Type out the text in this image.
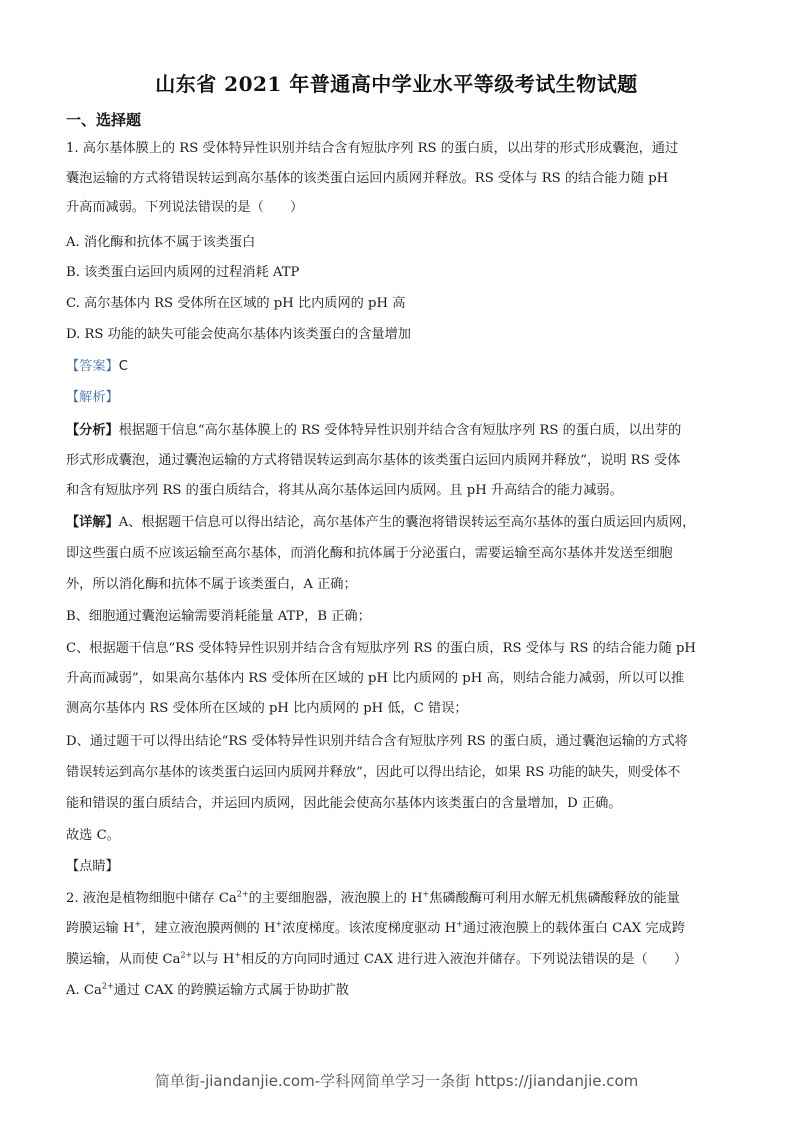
山东省 2021 年普通高中学业水平等级考试生物试题
一、选择题
1. 高尔基体膜上的 RS 受体特异性识别并结合含有短肽序列 RS 的蛋白质，以出芽的形式形成囊泡，通过
囊泡运输的方式将错误转运到高尔基体的该类蛋白运回内质网并释放。RS 受体与 RS 的结合能力随 pH
升高而减弱。下列说法错误的是（　　）
A. 消化酶和抗体不属于该类蛋白
B. 该类蛋白运回内质网的过程消耗 ATP
C. 高尔基体内 RS 受体所在区域的 pH 比内质网的 pH 高
D. RS 功能的缺失可能会使高尔基体内该类蛋白的含量增加
【答案】C
【解析】
【分析】根据题干信息“高尔基体膜上的 RS 受体特异性识别并结合含有短肽序列 RS 的蛋白质，以出芽的
形式形成囊泡，通过囊泡运输的方式将错误转运到高尔基体的该类蛋白运回内质网并释放”，说明 RS 受体
和含有短肽序列 RS 的蛋白质结合，将其从高尔基体运回内质网。且 pH 升高结合的能力减弱。
【详解】A、根据题干信息可以得出结论，高尔基体产生的囊泡将错误转运至高尔基体的蛋白质运回内质网，
即这些蛋白质不应该运输至高尔基体，而消化酶和抗体属于分泌蛋白，需要运输至高尔基体并发送至细胞
外，所以消化酶和抗体不属于该类蛋白，A 正确；
B、细胞通过囊泡运输需要消耗能量 ATP，B 正确；
C、根据题干信息“RS 受体特异性识别并结合含有短肽序列 RS 的蛋白质，RS 受体与 RS 的结合能力随 pH
升高而减弱”，如果高尔基体内 RS 受体所在区域的 pH 比内质网的 pH 高，则结合能力减弱，所以可以推
测高尔基体内 RS 受体所在区域的 pH 比内质网的 pH 低，C 错误；
D、通过题干可以得出结论“RS 受体特异性识别并结合含有短肽序列 RS 的蛋白质，通过囊泡运输的方式将
错误转运到高尔基体的该类蛋白运回内质网并释放”，因此可以得出结论，如果 RS 功能的缺失，则受体不
能和错误的蛋白质结合，并运回内质网，因此能会使高尔基体内该类蛋白的含量增加，D 正确。
故选 C。
【点睛】
2. 液泡是植物细胞中储存 $Ca^{2+}$的主要细胞器，液泡膜上的 H+焦磷酸酶可利用水解无机焦磷酸释放的能量
跨膜运输 H+，建立液泡膜两侧的 H+浓度梯度。该浓度梯度驱动 H+通过液泡膜上的载体蛋白 CAX 完成跨
膜运输，从而使 $Ca^{2+}$以与 H+相反的方向同时通过 CAX 进行进入液泡并储存。下列说法错误的是（　　）
A. $Ca^{2+}$通过 CAX 的跨膜运输方式属于协助扩散
简单街-jiandanjie.com-学科网简单学习一条街 https://jiandanjie.com
